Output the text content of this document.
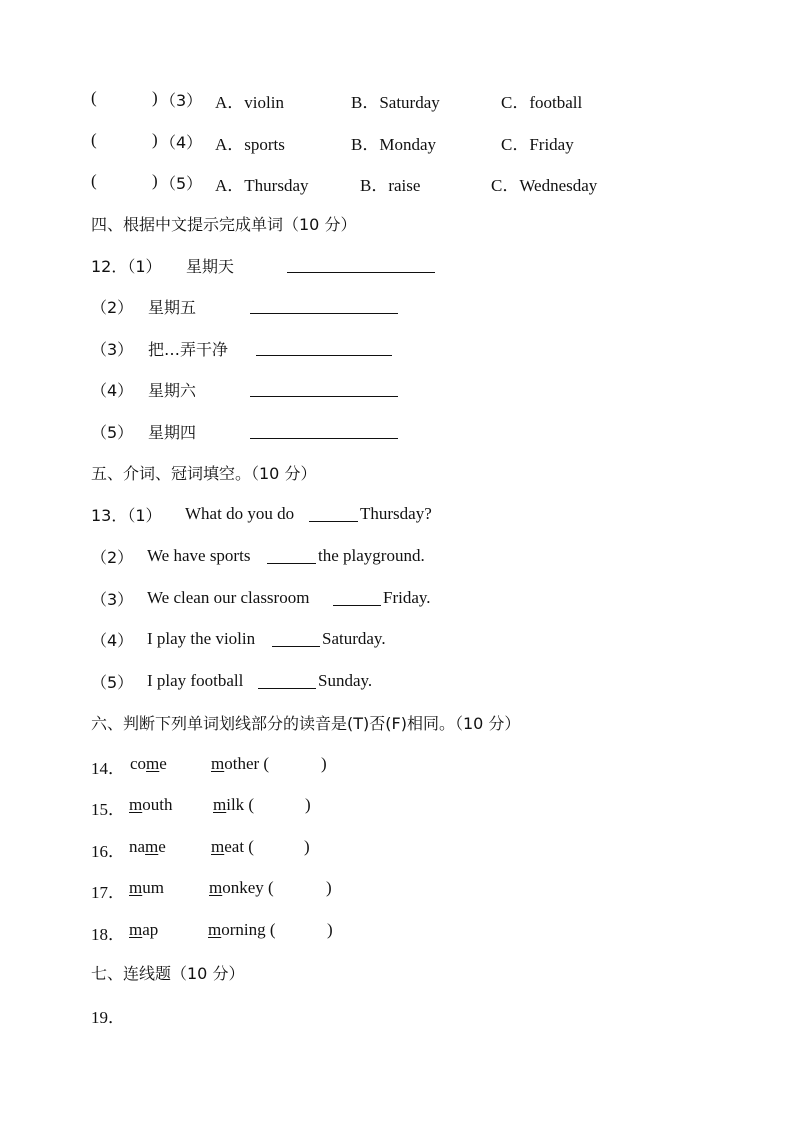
(	) （3） A．violin	B．Saturday	C．football
(	) （4） A．sports	B．Monday	C．Friday
(	) （5） A．Thursday	B．raise	C．Wednesday
四、根据中文提示完成单词（10 分）
12．（1） 星期天
（2） 星期五
（3） 把…弄干净
（4） 星期六
（5） 星期四
五、介词、冠词填空。（10 分）
13．（1） What do you do	Thursday?
（2） We have sports	the playground.
（3） We clean our classroom	Friday.
（4） I play the violin	Saturday.
（5） I play football	Sunday.
六、判断下列单词划线部分的读音是(T)否(F)相同。（10 分）
14． come	mother (	)
15． mouth milk (	)
16． name	meat (	)
17． mum	monkey (	)
18． map	morning (	)
七、连线题（10 分）
19．
